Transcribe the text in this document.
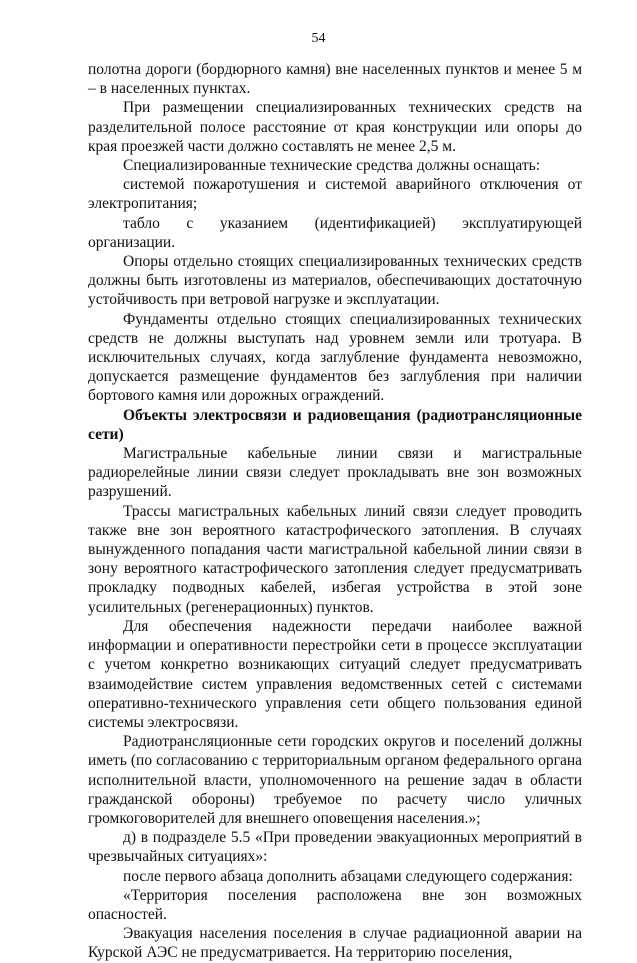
54

полотна дороги (бордюрного камня) вне населенных пунктов и менее 5 м – в населенных пунктах.

При размещении специализированных технических средств на разделительной полосе расстояние от края конструкции или опоры до края проезжей части должно составлять не менее 2,5 м.

Специализированные технические средства должны оснащать:

системой пожаротушения и системой аварийного отключения от электропитания;

табло с указанием (идентификацией) эксплуатирующей организации.

Опоры отдельно стоящих специализированных технических средств должны быть изготовлены из материалов, обеспечивающих достаточную устойчивость при ветровой нагрузке и эксплуатации.

Фундаменты отдельно стоящих специализированных технических средств не должны выступать над уровнем земли или тротуара. В исключительных случаях, когда заглубление фундамента невозможно, допускается размещение фундаментов без заглубления при наличии бортового камня или дорожных ограждений.

Объекты электросвязи и радиовещания (радиотрансляционные сети)

Магистральные кабельные линии связи и магистральные радиорелейные линии связи следует прокладывать вне зон возможных разрушений.

Трассы магистральных кабельных линий связи следует проводить также вне зон вероятного катастрофического затопления. В случаях вынужденного попадания части магистральной кабельной линии связи в зону вероятного катастрофического затопления следует предусматривать прокладку подводных кабелей, избегая устройства в этой зоне усилительных (регенерационных) пунктов.

Для обеспечения надежности передачи наиболее важной информации и оперативности перестройки сети в процессе эксплуатации с учетом конкретно возникающих ситуаций следует предусматривать взаимодействие систем управления ведомственных сетей с системами оперативно-технического управления сети общего пользования единой системы электросвязи.

Радиотрансляционные сети городских округов и поселений должны иметь (по согласованию с территориальным органом федерального органа исполнительной власти, уполномоченного на решение задач в области гражданской обороны) требуемое по расчету число уличных громкоговорителей для внешнего оповещения населения.»;

д) в подразделе 5.5 «При проведении эвакуационных мероприятий в чрезвычайных ситуациях»:

после первого абзаца дополнить абзацами следующего содержания:

«Территория поселения расположена вне зон возможных опасностей.

Эвакуация населения поселения в случае радиационной аварии на Курской АЭС не предусматривается. На территорию поселения,
